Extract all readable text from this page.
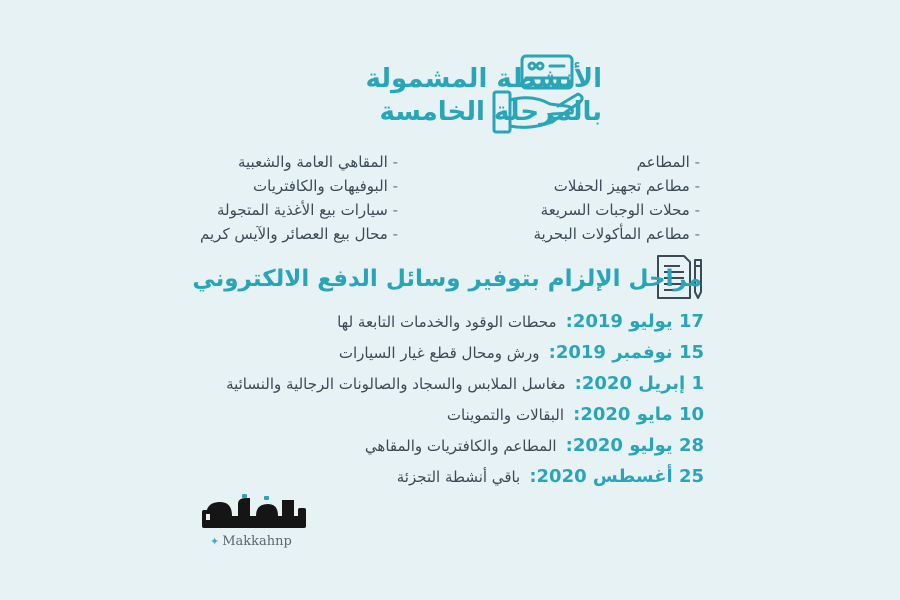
الأنشطة المشمولة
بالمرحلة الخامسة
- المطاعم
- مطاعم تجهيز الحفلات
- محلات الوجبات السريعة
- مطاعم المأكولات البحرية
- المقاهي العامة والشعبية
- البوفيهات والكافتريات
- سيارات بيع الأغذية المتجولة
- محال بيع العصائر والآيس كريم
مراحل الإلزام بتوفير وسائل الدفع الالكتروني
17 يوليو 2019: محطات الوقود والخدمات التابعة لها
15 نوفمبر 2019: ورش ومحال قطع غيار السيارات
1 إبريل 2020: مغاسل الملابس والسجاد والصالونات الرجالية والنسائية
10 مايو 2020: البقالات والتموينات
28 يوليو 2020: المطاعم والكافتريات والمقاهي
25 أغسطس 2020: باقي أنشطة التجزئة
✦ Makkahnp
